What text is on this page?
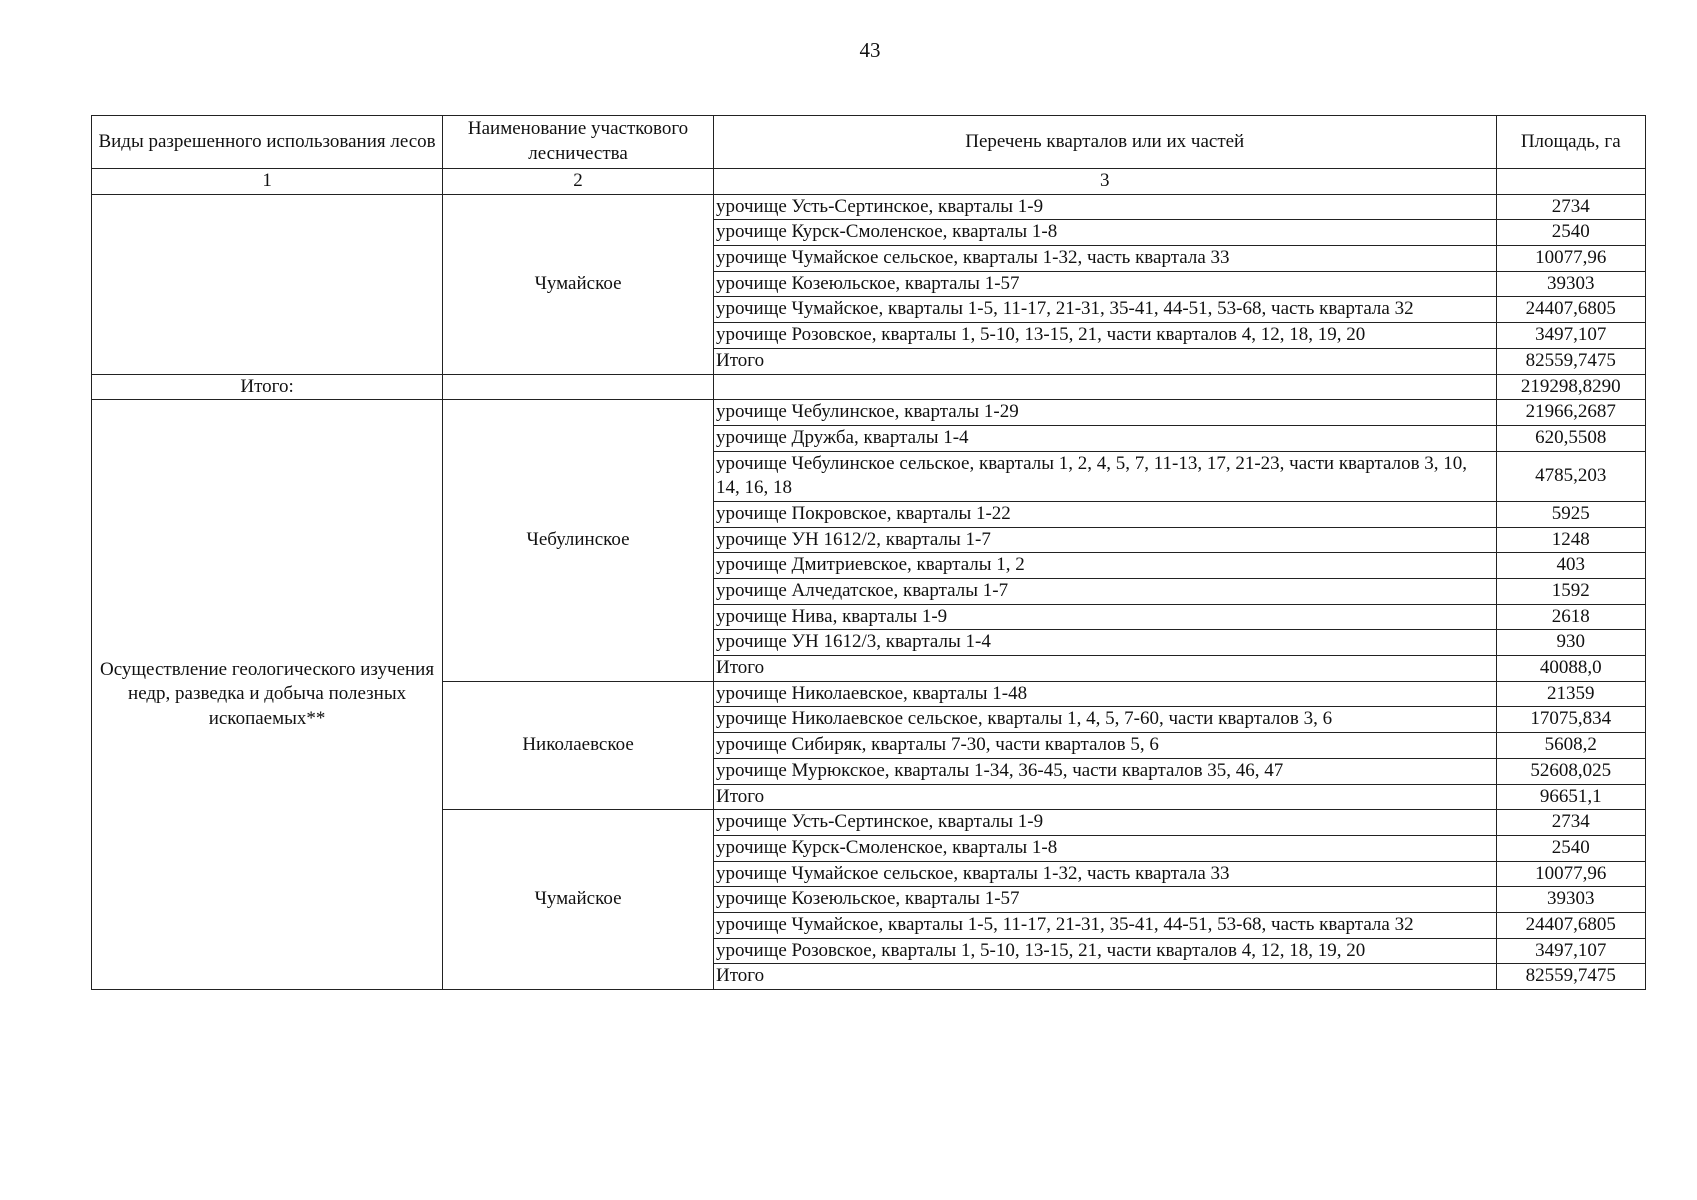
43
Виды разрешенного использования лесов	Наименование участкового лесничества	Перечень кварталов или их частей	Площадь, га
1	2	3	
	Чумайское	урочище Усть-Сертинское, кварталы 1-9	2734
		урочище Курск-Смоленское, кварталы 1-8	2540
		урочище Чумайское сельское, кварталы 1-32, часть квартала 33	10077,96
		урочище Козеюльское, кварталы 1-57	39303
		урочище Чумайское, кварталы 1-5, 11-17, 21-31, 35-41, 44-51, 53-68, часть квартала 32	24407,6805
		урочище Розовское, кварталы 1, 5-10, 13-15, 21, части кварталов 4, 12, 18, 19, 20	3497,107
		Итого	82559,7475
Итого:			219298,8290
Осуществление геологического изучения недр, разведка и добыча полезных ископаемых**	Чебулинское	урочище Чебулинское, кварталы 1-29	21966,2687
		урочище Дружба, кварталы 1-4	620,5508
		урочище Чебулинское сельское, кварталы 1, 2, 4, 5, 7, 11-13, 17, 21-23, части кварталов 3, 10, 14, 16, 18	4785,203
		урочище Покровское, кварталы 1-22	5925
		урочище УН 1612/2, кварталы 1-7	1248
		урочище Дмитриевское, кварталы 1, 2	403
		урочище Алчедатское, кварталы 1-7	1592
		урочище Нива, кварталы 1-9	2618
		урочище УН 1612/3, кварталы 1-4	930
		Итого	40088,0
	Николаевское	урочище Николаевское, кварталы 1-48	21359
		урочище Николаевское сельское, кварталы 1, 4, 5, 7-60, части кварталов 3, 6	17075,834
		урочище Сибиряк, кварталы 7-30, части кварталов 5, 6	5608,2
		урочище Мурюкское, кварталы 1-34, 36-45, части кварталов 35, 46, 47	52608,025
		Итого	96651,1
	Чумайское	урочище Усть-Сертинское, кварталы 1-9	2734
		урочище Курск-Смоленское, кварталы 1-8	2540
		урочище Чумайское сельское, кварталы 1-32, часть квартала 33	10077,96
		урочище Козеюльское, кварталы 1-57	39303
		урочище Чумайское, кварталы 1-5, 11-17, 21-31, 35-41, 44-51, 53-68, часть квартала 32	24407,6805
		урочище Розовское, кварталы 1, 5-10, 13-15, 21, части кварталов 4, 12, 18, 19, 20	3497,107
		Итого	82559,7475
